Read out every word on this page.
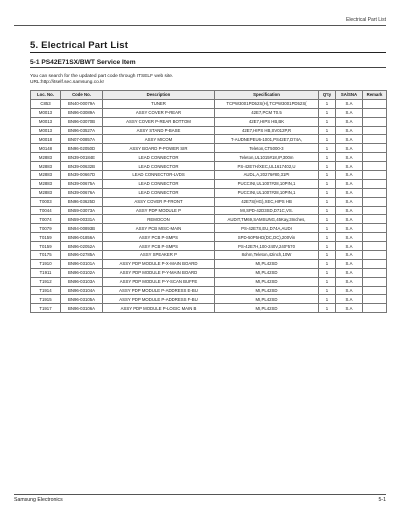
Electrical Part List
5. Electrical Part List
5-1 PS42E71SX/BWT Service Item
You can search for the updated part code through ITSELF web site.
URL:http://itself.sec.samsung.co.kr
Loc. No.	Code No.	Description	Specification	Q'ty	SA/SNA	Remark
C853	BN40-00079A	TUNER	TCPW3001PD52S(H),TCPW3001PD52S(	1	S.A	
M0013	BN96-03089A	ASSY COVER P-REAR	42E7,PCM T0.5	1	S.A	
M0013	BN96-03070B	ASSY COVER P-REAR BOTTOM	42E7,HIPS HB,BK	1	S.A	
M0013	BN96-03527A	ASSY STAND P-BASE	42E7,HIPS HB,SV012P,R	1	S.A	
M0018	BN07-00857A	ASSY MICOM	T-AUDNEPEU6-1001,PS42E7,D74A,	1	S.A	
M0148	BN96-02050D	ASSY BOARD P-POWER SIR	Teleton,CT5000-3	1	S.A	
M2883	BN39-00184E	LEAD CONNECTOR	Teleton,UL1015#18,IP,300m	1	S.A	
M2883	BN39-00632B	LEAD CONNECTOR	PS-42E7H/XEC,UL1617402,U	1	S.A	
M2883	BN39-00667D	LEAD CONNECTOR-LVDS	AUDL,A,20276#80,31PI	1	S.A	
M2883	BN39-00675A	LEAD CONNECTOR	PUCCINI,UL1007#28,10PIN,1	1	S.A	
M2883	BN39-00676A	LEAD CONNECTOR	PUCCINI,UL1007#28,10PIN,1	1	S.A	
T0003	BN96-03625D	ASSY COVER P-FRONT	42E7S(HG),XEC,HIPS HB	1	S.A	
T0044	BN59-03073A	ASSY PDP MODULE P	MI,SPD-42D3SD,D71C,VS.	1	S.A	
T0074	BN59-00331A	REMOCON	AUDIT,TM69,SAMSUNG,45Kay,3Inches,	1	S.A	
T0079	BN94-00893B	ASSY PCB MISC-MAIN	PS-42E7S,EU,D74A,AUDI	1	S.A	
T0159	BN96-01856A	ASSY PCB P-SMPS	SPD-50P5HD(DC,DC),200Vin	1	S.A	
T0159	BN96-02052A	ASSY PCB P-SMPS	PS-42E7H,100-240V,240*570	1	S.A	
T0175	BN96-02785A	ASSY SPEAKER P	8ohm,Teleton,42inch,10W	1	S.A	
T1910	BN96-03101A	ASSY PDP MODULE P-X-MAIN BOARD	MI,PL42SD	1	S.A	
T1911	BN96-03102A	ASSY PDP MODULE P-Y-MAIN BOARD	MI,PL42SD	1	S.A	
T1912	BN96-03103A	ASSY PDP MODULE P-Y-SCAN BUFFE	MI,PL42SD	1	S.A	
T1914	BN96-03104A	ASSY PDP MODULE P-ADDRESS E-BU	MI,PL42SD	1	S.A	
T1915	BN96-03105A	ASSY PDP MODULE P-ADDRESS F-BU	MI,PL42SD	1	S.A	
T1917	BN96-03106A	ASSY PDP MODULE P-LOGIC MAIN B	MI,PL42SD	1	S.A	
Samsung Electronics	5-1
